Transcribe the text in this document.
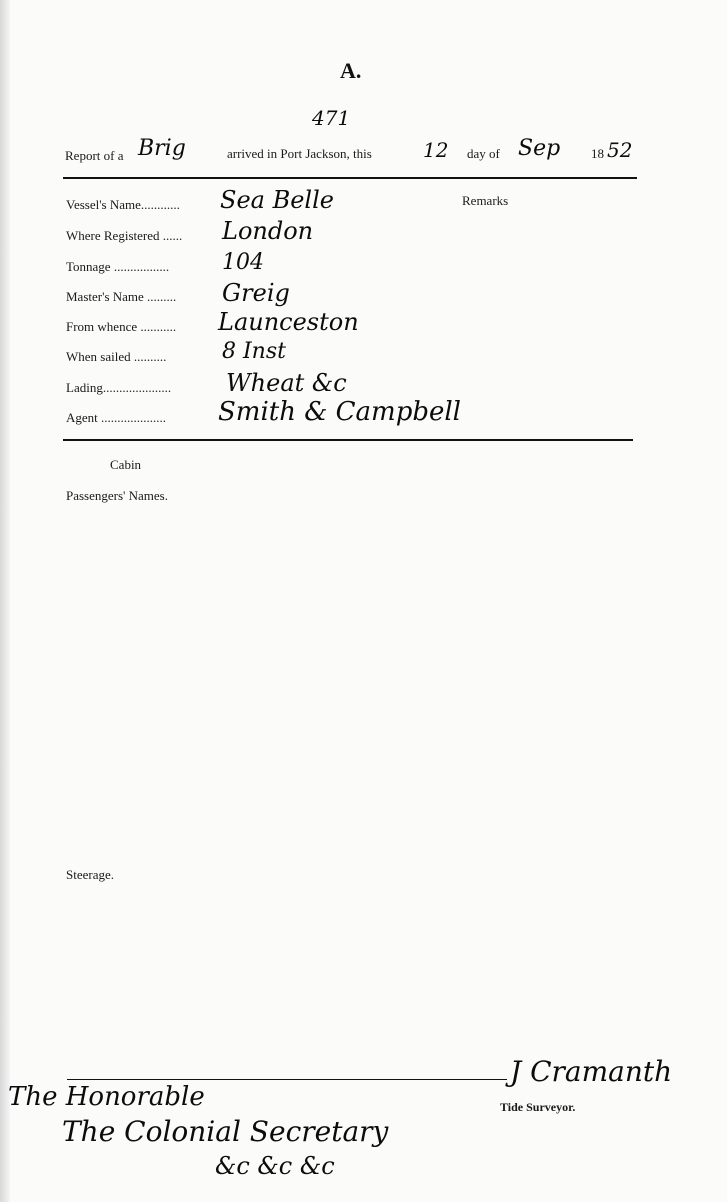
A.
471
Report of a Brig	arrived in Port Jackson, this	12 day of Sep 18 52
Remarks
Vessel's Name............ Sea Belle
Where Registered ...... London
Tonnage ................. 104
Master's Name ......... Greig
From whence ........... Launceston
When sailed ..........	8 Inst
Lading..................... Wheat &c
Agent .................... Smith & Campbell
Cabin
Passengers' Names.
Steerage.
J Cramanth
Tide Surveyor.
The Honorable
The Colonial Secretary
&c &c &c
